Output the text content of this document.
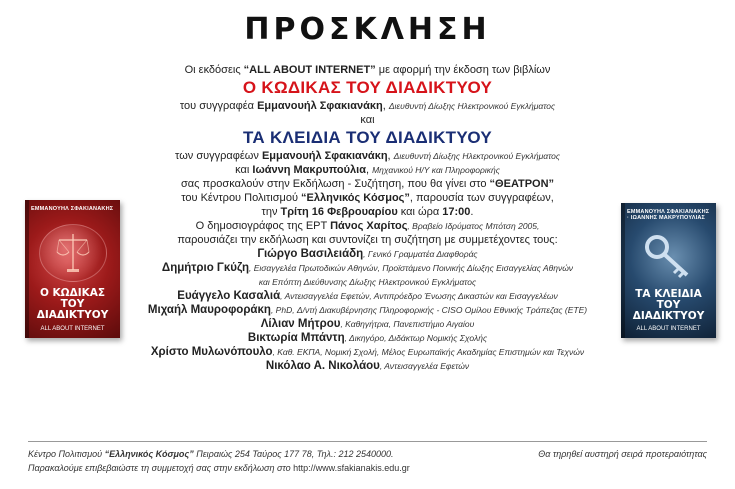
ΠΡΟΣΚΛΗΣΗ
Οι εκδόσεις “ALL ABOUT INTERNET” με αφορμή την έκδοση των βιβλίων
Ο ΚΩΔΙΚΑΣ ΤΟΥ ΔΙΑΔΙΚΤΥΟΥ
του συγγραφέα Εμμανουήλ Σφακιανάκη, Διευθυντή Δίωξης Ηλεκτρονικού Εγκλήματος
και
ΤΑ ΚΛΕΙΔΙΑ ΤΟΥ ΔΙΑΔΙΚΤΥΟΥ
των συγγραφέων Εμμανουήλ Σφακιανάκη, Διευθυντή Δίωξης Ηλεκτρονικού Εγκλήματος
και Ιωάννη Μακρυπούλια, Μηχανικού Η/Υ και Πληροφορικής
σας προσκαλούν στην Εκδήλωση - Συζήτηση, που θα γίνει στο “ΘΕΑΤΡΟΝ”
του Κέντρου Πολιτισμού “Ελληνικός Κόσμος”, παρουσία των συγγραφέων,
την Τρίτη 16 Φεβρουαρίου και ώρα 17:00.
Ο δημοσιογράφος της ΕΡΤ Πάνος Χαρίτος, Βραβείο Ιδρύματος Μπότση 2005,
παρουσιάζει την εκδήλωση και συντονίζει τη συζήτηση με συμμετέχοντες τους:
Γιώργο Βασιλειάδη, Γενικό Γραμματέα Διαφθοράς
Δημήτριο Γκύζη, Εισαγγελέα Πρωτοδικών Αθηνών, Προϊστάμενο Ποινικής Δίωξης Εισαγγελίας Αθηνών
και Επόπτη Διεύθυνσης Δίωξης Ηλεκτρονικού Εγκλήματος
Ευάγγελο Κασαλιά, Αντεισαγγελέα Εφετών, Αντιπρόεδρο Ένωσης Δικαστών και Εισαγγελέων
Μιχαήλ Μαυροφοράκη, PhD, Δ/ντή Διακυβέρνησης Πληροφορικής - CISO Ομίλου Εθνικής Τράπεζας (ΕΤΕ)
Λίλιαν Μήτρου, Καθηγήτρια, Πανεπιστήμιο Αιγαίου
Βικτωρία Μπάντη, Δικηγόρο, Διδάκτωρ Νομικής Σχολής
Χρίστο Μυλωνόπουλο, Καθ. ΕΚΠΑ, Νομική Σχολή, Μέλος Ευρωπαϊκής Ακαδημίας Επιστημών και Τεχνών
Νικόλαο Α. Νικολάου, Αντεισαγγελέα Εφετών
ΕΜΜΑΝΟΥΗΛ ΣΦΑΚΙΑΝΑΚΗΣ
Ο ΚΩΔΙΚΑΣ
ΤΟΥ ΔΙΑΔΙΚΤΥΟΥ
ALL ABOUT INTERNET
ΕΜΜΑΝΟΥΗΛ ΣΦΑΚΙΑΝΑΚΗΣ · ΙΩΑΝΝΗΣ ΜΑΚΡΥΠΟΥΛΙΑΣ
ΤΑ ΚΛΕΙΔΙΑ
ΤΟΥ ΔΙΑΔΙΚΤΥΟΥ
ALL ABOUT INTERNET
Κέντρο Πολιτισμού “Ελληνικός Κόσμος” Πειραιώς 254 Ταύρος 177 78, Τηλ.: 212 2540000.	Θα τηρηθεί αυστηρή σειρά προτεραιότητας
Παρακαλούμε επιβεβαιώστε τη συμμετοχή σας στην εκδήλωση στο http://www.sfakianakis.edu.gr
